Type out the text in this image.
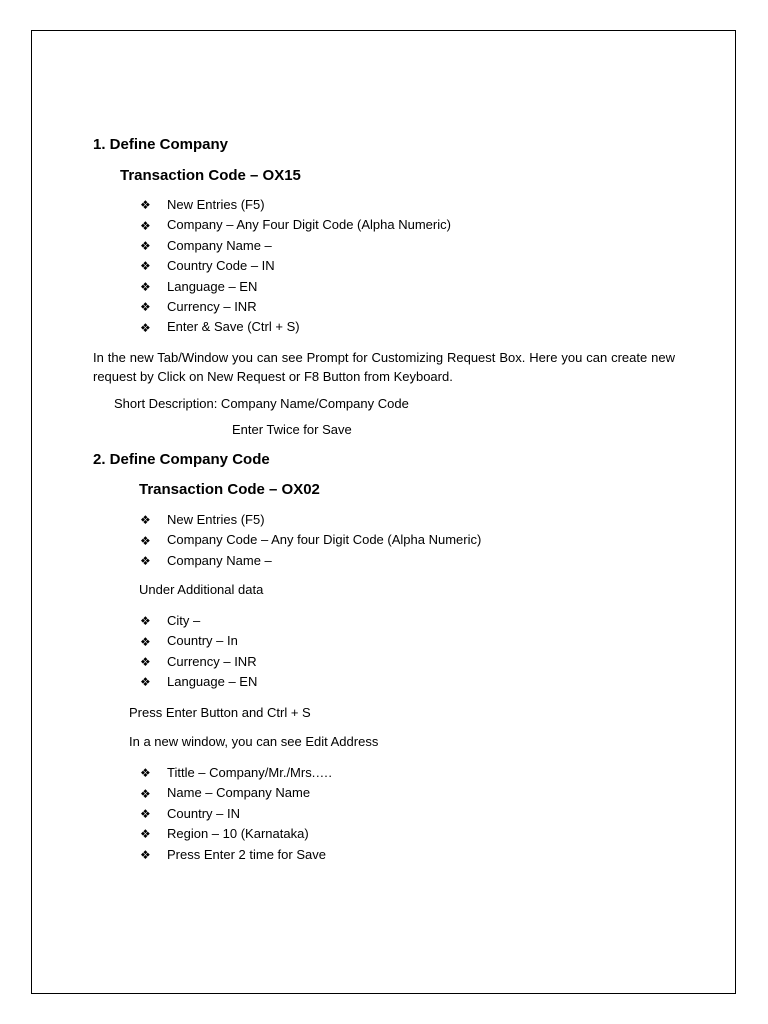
1. Define Company
Transaction Code – OX15
❖	New Entries (F5)
❖	Company – Any Four Digit Code (Alpha Numeric)
❖	Company Name –
❖	Country Code – IN
❖	Language – EN
❖	Currency – INR
❖	Enter & Save (Ctrl + S)
In the new Tab/Window you can see Prompt for Customizing Request Box. Here you can create new request by Click on New Request or F8 Button from Keyboard.
Short Description: Company Name/Company Code
Enter Twice for Save
2. Define Company Code
Transaction Code – OX02
❖	New Entries (F5)
❖	Company Code – Any four Digit Code (Alpha Numeric)
❖	Company Name –
Under Additional data
❖	City –
❖	Country – In
❖	Currency – INR
❖	Language – EN
Press Enter Button and Ctrl + S
In a new window, you can see Edit Address
❖	Tittle – Company/Mr./Mrs.….
❖	Name – Company Name
❖	Country – IN
❖	Region – 10 (Karnataka)
❖	Press Enter 2 time for Save
